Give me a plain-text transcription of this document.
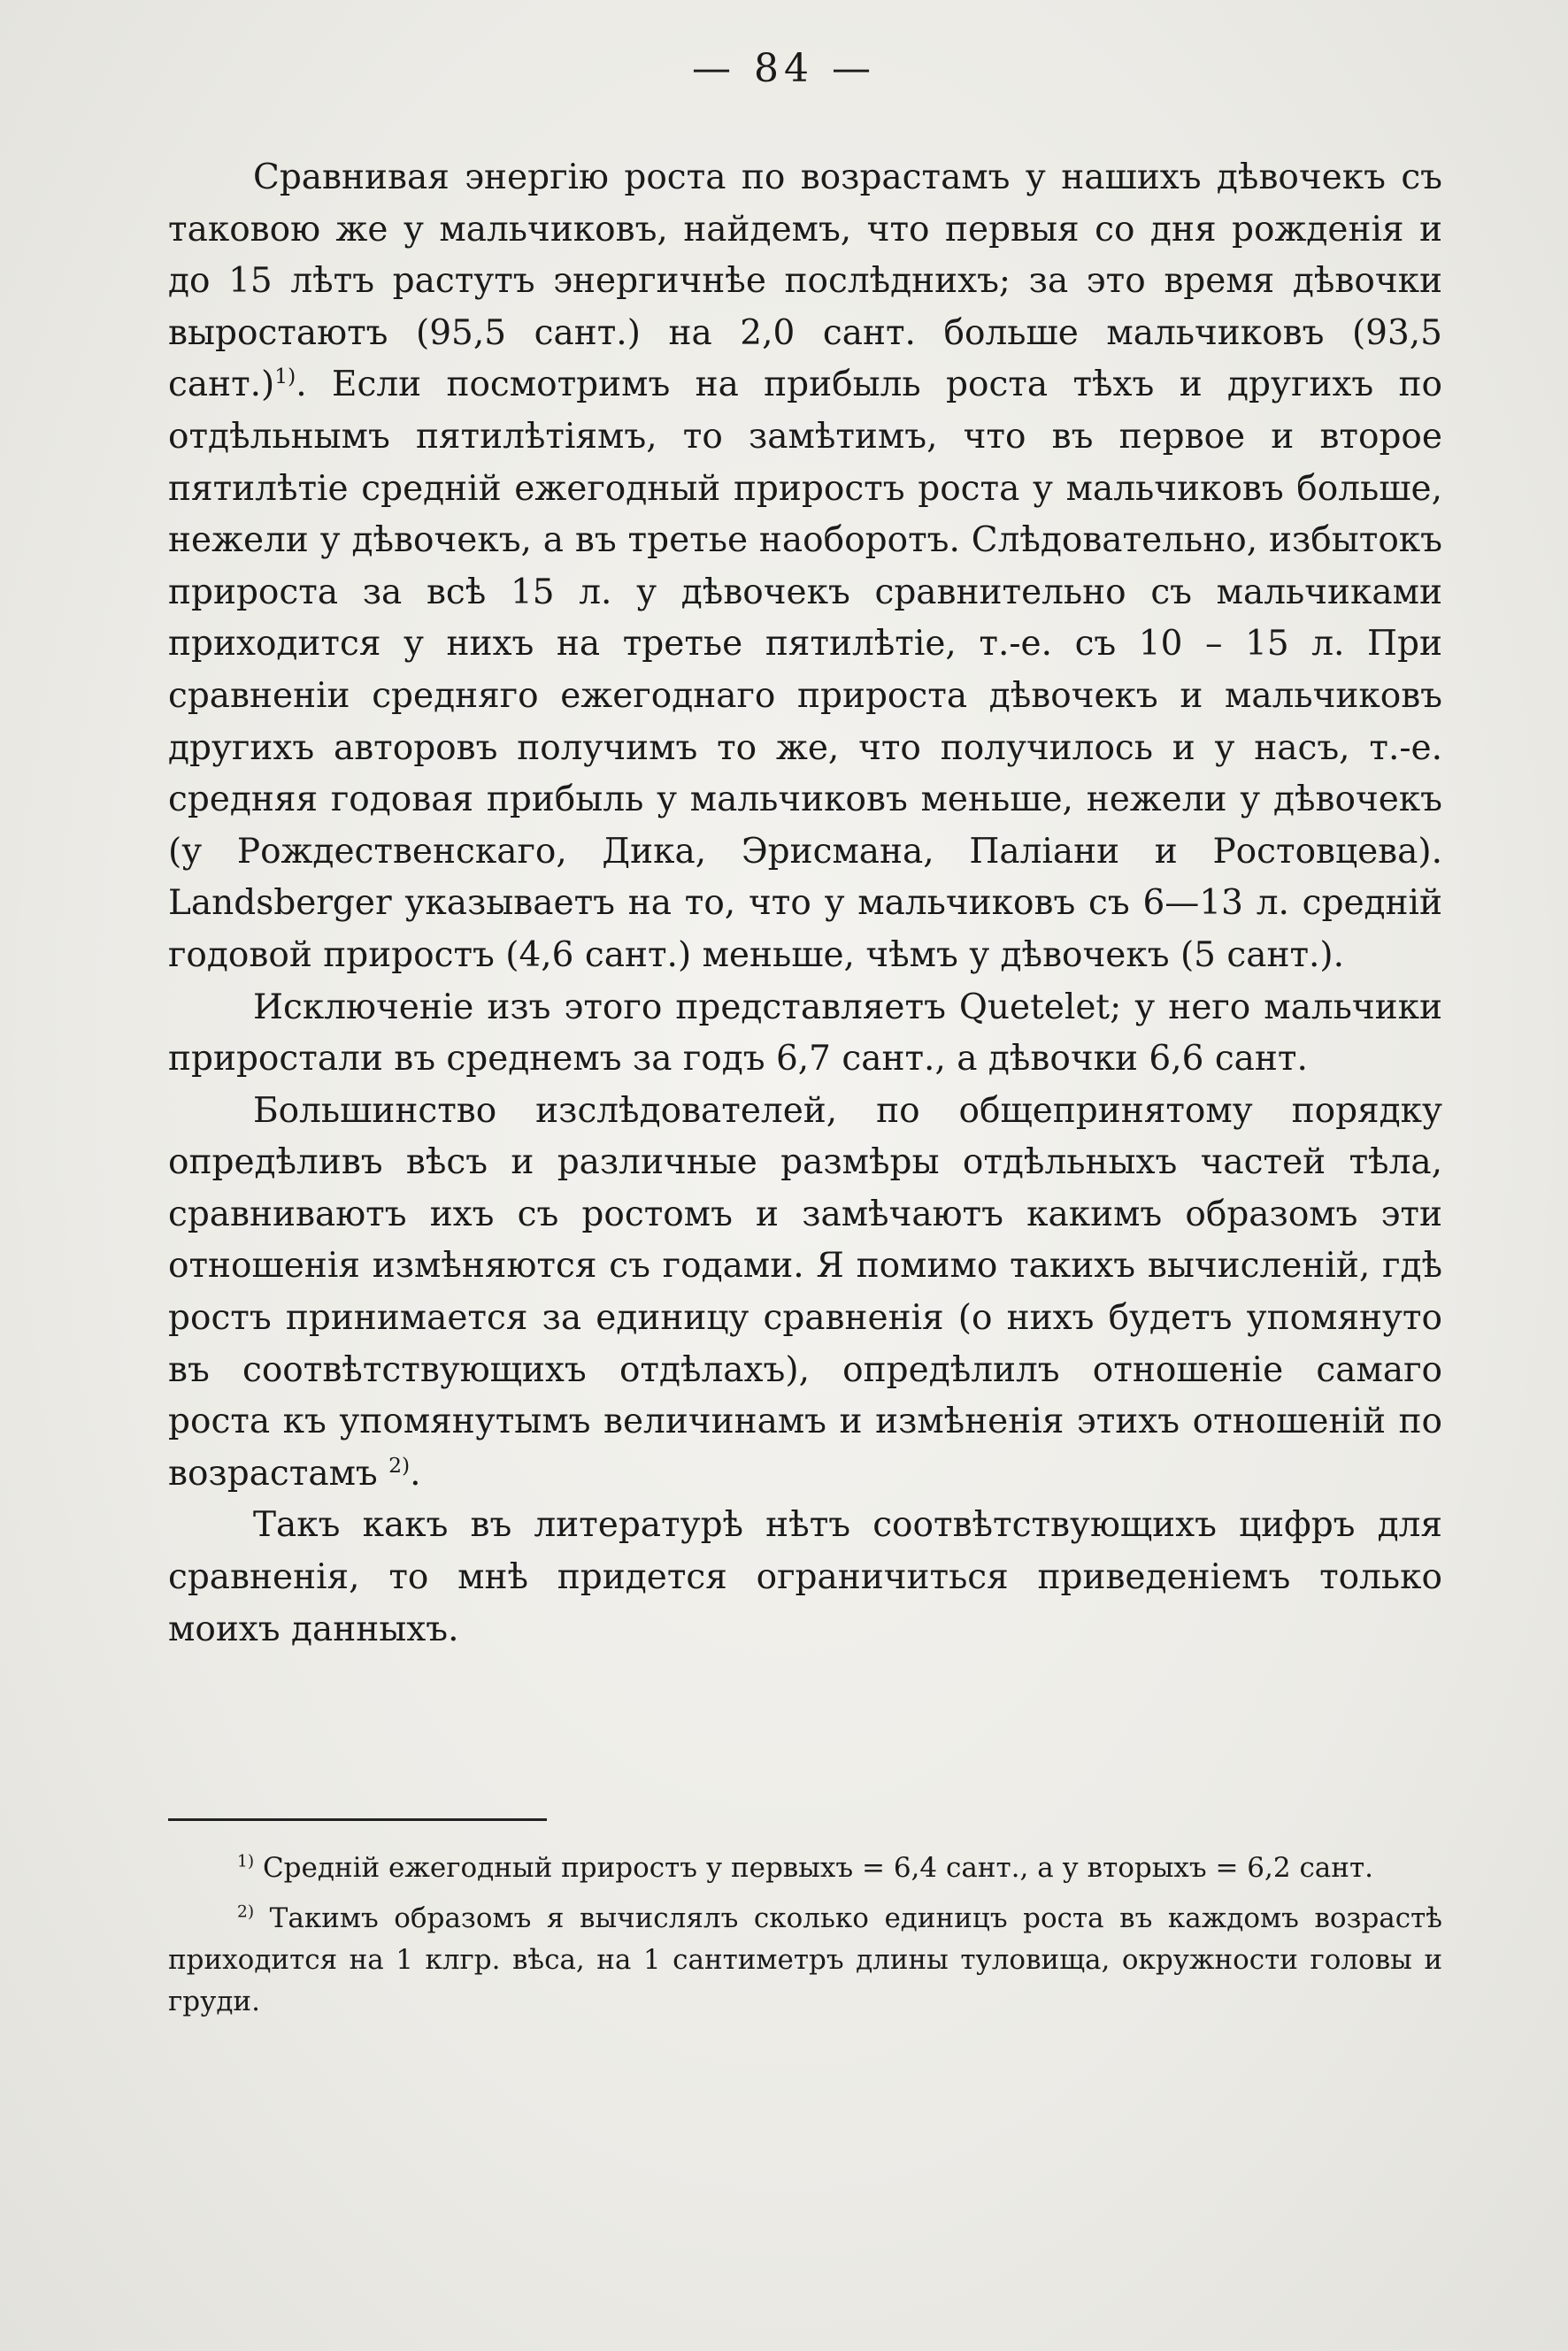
— 84 —

Сравнивая энергію роста по возрастамъ у нашихъ дѣвочекъ съ таковою же у мальчиковъ, найдемъ, что первыя со дня рожденія и до 15 лѣтъ растутъ энергичнѣе послѣднихъ; за это время дѣвочки выростаютъ (95,5 сант.) на 2,0 сант. больше мальчиковъ (93,5 сант.)$^{1)}$. Если посмотримъ на прибыль роста тѣхъ и другихъ по отдѣльнымъ пятилѣтіямъ, то замѣтимъ, что въ первое и второе пятилѣтіе среднiй ежегодный приростъ роста у мальчиковъ больше, нежели у дѣвочекъ, а въ третье наоборотъ. Слѣдовательно, избытокъ прироста за всѣ 15 л. у дѣвочекъ сравнительно съ мальчиками приходится у нихъ на третье пятилѣтіе, т.-е. съ 10 – 15 л. При сравненіи средняго ежегоднаго прироста дѣвочекъ и мальчиковъ другихъ авторовъ получимъ то же, что получилось и у насъ, т.-е. средняя годовая прибыль у мальчиковъ меньше, нежели у дѣвочекъ (у Рождественскаго, Дика, Эрисмана, Паліани и Ростовцева). Landsberger указываетъ на то, что у мальчиковъ съ 6—13 л. среднiй годовой приростъ (4,6 сант.) меньше, чѣмъ у дѣвочекъ (5 сант.).

Исключеніе изъ этого представляетъ Quetelet; у него мальчики приростали въ среднемъ за годъ 6,7 сант., а дѣвочки 6,6 сант.

Большинство изслѣдователей, по общепринятому порядку опредѣливъ вѣсъ и различные размѣры отдѣльныхъ частей тѣла, сравниваютъ ихъ съ ростомъ и замѣчаютъ какимъ образомъ эти отношенія измѣняются съ годами. Я помимо такихъ вычисленій, гдѣ ростъ принимается за единицу сравненія (о нихъ будетъ упомянуто въ соотвѣтствующихъ отдѣлахъ), опредѣлилъ отношеніе самаго роста къ упомянутымъ величинамъ и измѣненія этихъ отношеній по возрастамъ $^{2)}$.

Такъ какъ въ литературѣ нѣтъ соотвѣтствующихъ цифръ для сравненія, то мнѣ придется ограничиться приведеніемъ только моихъ данныхъ.

$^{1)}$ Среднiй ежегодный приростъ у первыхъ = 6,4 сант., а у вторыхъ = 6,2 сант.

$^{2)}$ Такимъ образомъ я вычислялъ сколько единицъ роста въ каждомъ возрастѣ приходится на 1 клгр. вѣса, на 1 сантиметръ длины туловища, окружности головы и груди.
